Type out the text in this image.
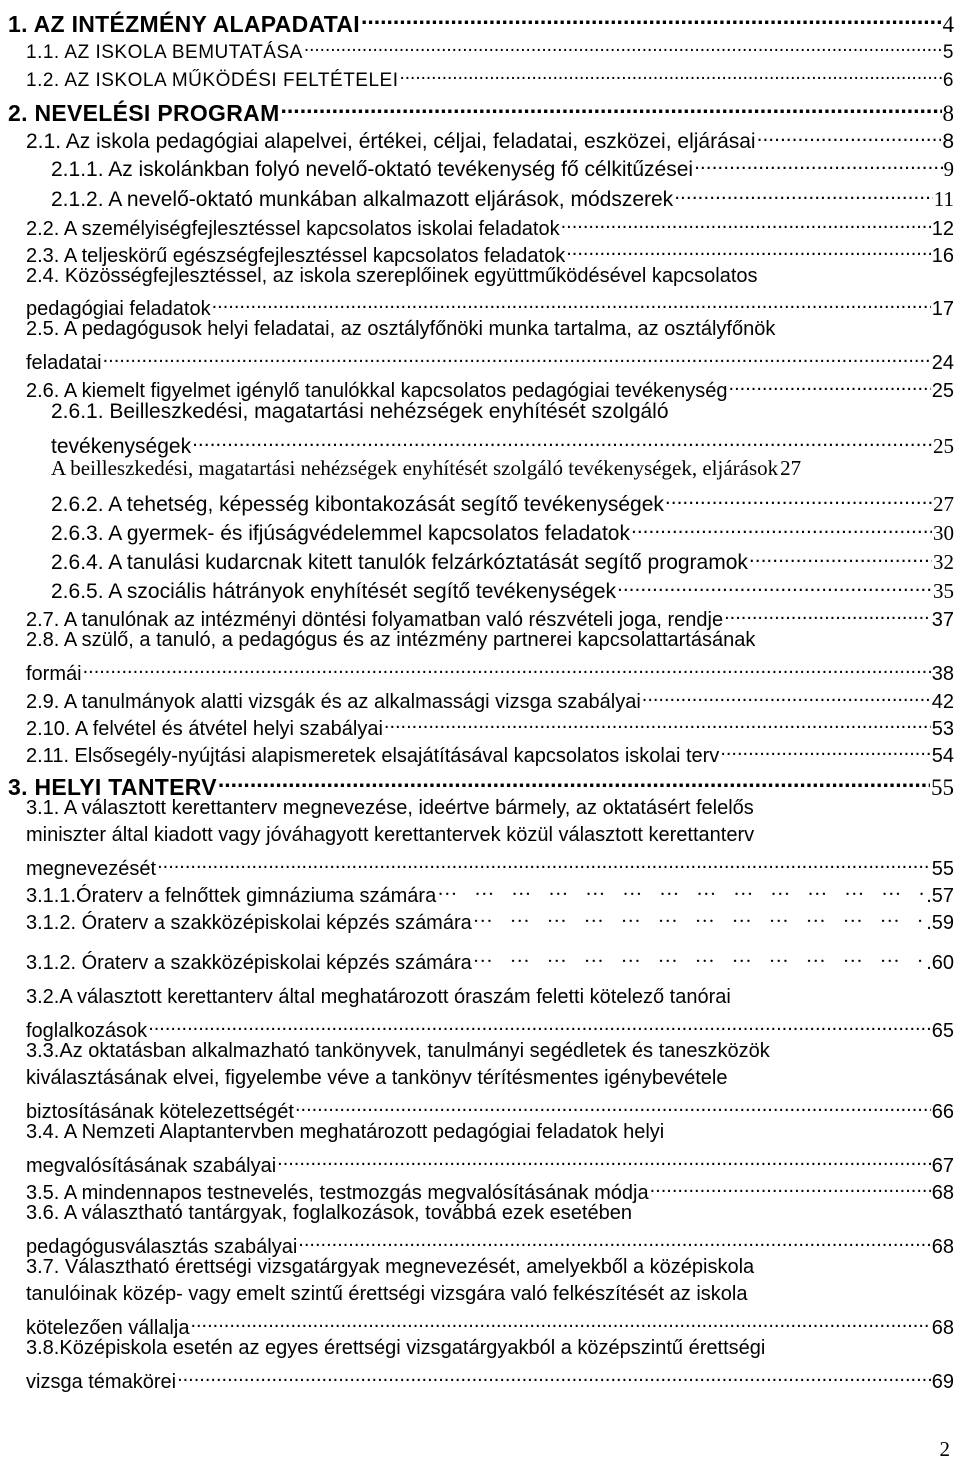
1. AZ INTÉZMÉNY ALAPADATAI .....	4
1.1. AZ ISKOLA BEMUTATÁSA .....	5
1.2. AZ ISKOLA MŰKÖDÉSI FELTÉTELEI .....	6
2. NEVELÉSI PROGRAM .....	8
2.1. Az iskola pedagógiai alapelvei, értékei, céljai, feladatai, eszközei, eljárásai .....	8
2.1.1. Az iskolánkban folyó nevelő-oktató tevékenység fő célkitűzései .....	9
2.1.2. A nevelő-oktató munkában alkalmazott eljárások, módszerek .....	11
2.2. A személyiségfejlesztéssel kapcsolatos iskolai feladatok .....	12
2.3. A teljeskörű egészségfejlesztéssel kapcsolatos feladatok .....	16
2.4. Közösségfejlesztéssel, az iskola szereplőinek együttműködésével kapcsolatos
pedagógiai feladatok .....	17
2.5. A pedagógusok helyi feladatai, az osztályfőnöki munka tartalma, az osztályfőnök
feladatai .....	24
2.6. A kiemelt figyelmet igénylő tanulókkal kapcsolatos pedagógiai tevékenység .....	25
2.6.1. Beilleszkedési, magatartási nehézségek enyhítését szolgáló
tevékenységek .....	25
A beilleszkedési, magatartási nehézségek enyhítését szolgáló tevékenységek, eljárások 27
2.6.2. A tehetség, képesség kibontakozását segítő tevékenységek .....	27
2.6.3. A gyermek- és ifjúságvédelemmel kapcsolatos feladatok .....	30
2.6.4. A tanulási kudarcnak kitett tanulók felzárkóztatását segítő programok .....	32
2.6.5. A szociális hátrányok enyhítését segítő tevékenységek .....	35
2.7. A tanulónak az intézményi döntési folyamatban való részvételi joga, rendje .....	37
2.8. A szülő, a tanuló, a pedagógus és az intézmény partnerei kapcsolattartásának
formái .....	38
2.9. A tanulmányok alatti vizsgák és az alkalmassági vizsga szabályai .....	42
2.10. A felvétel és átvétel helyi szabályai .....	53
2.11. Elsősegély-nyújtási alapismeretek elsajátításával kapcsolatos iskolai terv .....	54
3. HELYI TANTERV .....	55
3.1. A választott kerettanterv megnevezése, ideértve bármely, az oktatásért felelős
miniszter által kiadott vagy jóváhagyott kerettantervek közül választott kerettanterv
megnevezését .....	55
3.1.1.Óraterv a felnőttek gimnáziuma számára … … … … … … … … … … … … … … … … … … … … … … … … … … … … … … … … … … … … … … … … … … … … … … … … … … … … … … … … … … …	.57
3.1.2. Óraterv a szakközépiskolai képzés számára … … … … … … … … … … … … … … … … … … … … … … … … … … … … … … … … … … … … … … … … … … … … … … … … … … … … … … … … … … …	.59
3.1.2. Óraterv a szakközépiskolai képzés számára … … … … … … … … … … … … … … … … … … … … … … … … … … … … … … … … … … … … … … … … … … … … … … … … … … … … … … … … … … …	.60
3.2.A választott kerettanterv által meghatározott óraszám feletti kötelező tanórai
foglalkozások .....	65
3.3.Az oktatásban alkalmazható tankönyvek, tanulmányi segédletek és taneszközök
kiválasztásának elvei, figyelembe véve a tankönyv térítésmentes igénybevétele
biztosításának kötelezettségét .....	66
3.4. A Nemzeti Alaptantervben meghatározott pedagógiai feladatok helyi
megvalósításának szabályai .....	67
3.5. A mindennapos testnevelés, testmozgás megvalósításának módja .....	68
3.6. A választható tantárgyak, foglalkozások, továbbá ezek esetében
pedagógusválasztás szabályai .....	68
3.7. Választható érettségi vizsgatárgyak megnevezését, amelyekből a középiskola
tanulóinak közép- vagy emelt szintű érettségi vizsgára való felkészítését az iskola
kötelezően vállalja .....	68
3.8.Középiskola esetén az egyes érettségi vizsgatárgyakból a középszintű érettségi
vizsga témakörei .....	69
2
